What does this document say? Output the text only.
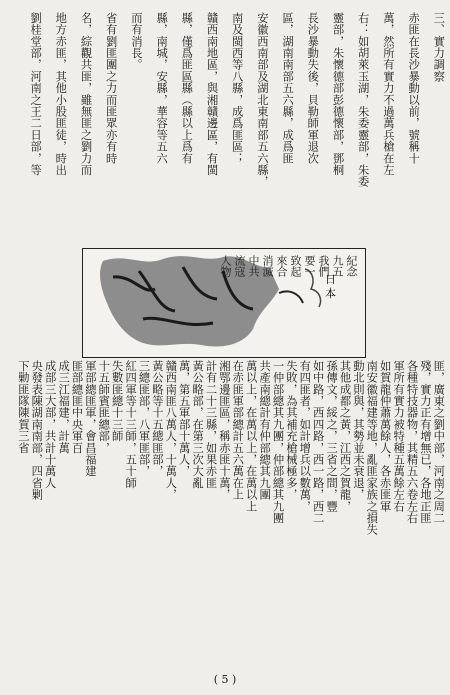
三、實力調察
赤匪在長沙暴動以前，號稱十
萬，然所有實力不過萬兵槍在左
右：如胡萊玉湖，朱委靈部，朱委
靈部，朱懷德部彭德懷部，鄧桐
長沙暴動失後，貝勒師軍退次
區，湖南南部五六縣，成爲匪
安徽西南部及湖北東南部五六縣，
南及閩西等八縣，成爲匪區；
贛西南地區，與湘贛邊區，有閩
縣，僅爲匪區縣（縣以上爲有
縣，南城，安縣，華容等五六
而有消長。
省有劉匪團之力而匪眾亦有時
名，綜觀共匪，雖無匪之劉力而
地方赤匪，其他小股匪徒，時出
劉桂堂部，河南之王二日部，等
匪，廣東之劉中部，河南之周二
殘，實力正有增無已，各地正匪
各種特技器物，其精五六卷左右
軍所有實力被特種五萬餘左右
如賀龍仲蕭萬餘人，各赤匪軍
南安徽福建等地，亂匪家族之損失
動北則與，其勢並未衰退，
其他成都之黃，江西之賀龍，
孫傳文，綏之，三省之間，豐
如中路，西四路，西一路，西二
有四匪者，如計增兵以數萬，
失敗，為其補充槍械極多，
一仲部總其九團，仲部總其九團
共產南總計有仲部總其九團
萬以上，在萬以上，在萬以上
在赤匪軍部總計五六萬在上
湘鄂邊匪區，稱赤匪十萬，
計有二十三縣，如果赤匪
黃公略部，在第三次大亂
萬，第五軍部十萬人，
贛西南匪八萬人，十萬人，
黃公略等十五總匪部，
三總匪部，八軍匪部，
紅四軍等十三師，五十師
失數匪總十三師
十五師賓匪總部，
軍部總匪軍，會昌福建
匪部總匪中央軍百
成三江福建，計萬
成部三大部，共計十萬人
央發表陳湖南南部，四省剿
下勦匪隊陳賀三省
日
本
紀念
九五
我們
要一
致起
來合
消滅
中共
流寇
人物
( 5 )
